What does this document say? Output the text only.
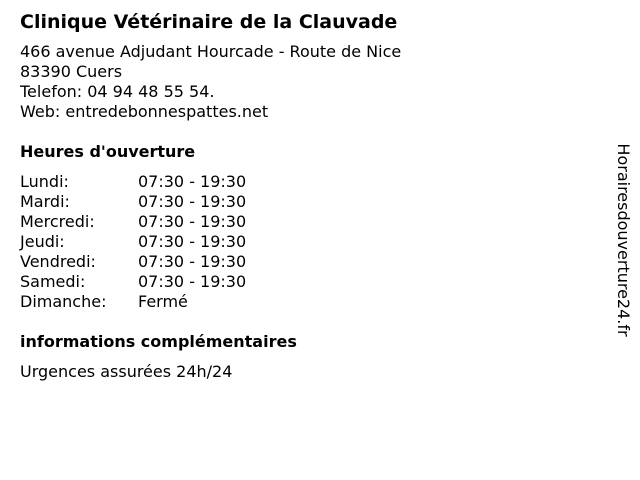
Clinique Vétérinaire de la Clauvade
466 avenue Adjudant Hourcade - Route de Nice
83390 Cuers
Telefon: 04 94 48 55 54.
Web: entredebonnespattes.net
Heures d'ouverture
Lundi:	07:30 - 19:30
Mardi:	07:30 - 19:30
Mercredi:	07:30 - 19:30
Jeudi:	07:30 - 19:30
Vendredi:	07:30 - 19:30
Samedi:	07:30 - 19:30
Dimanche:	Fermé
informations complémentaires
Urgences assurées 24h/24
Horairesdouverture24.fr
